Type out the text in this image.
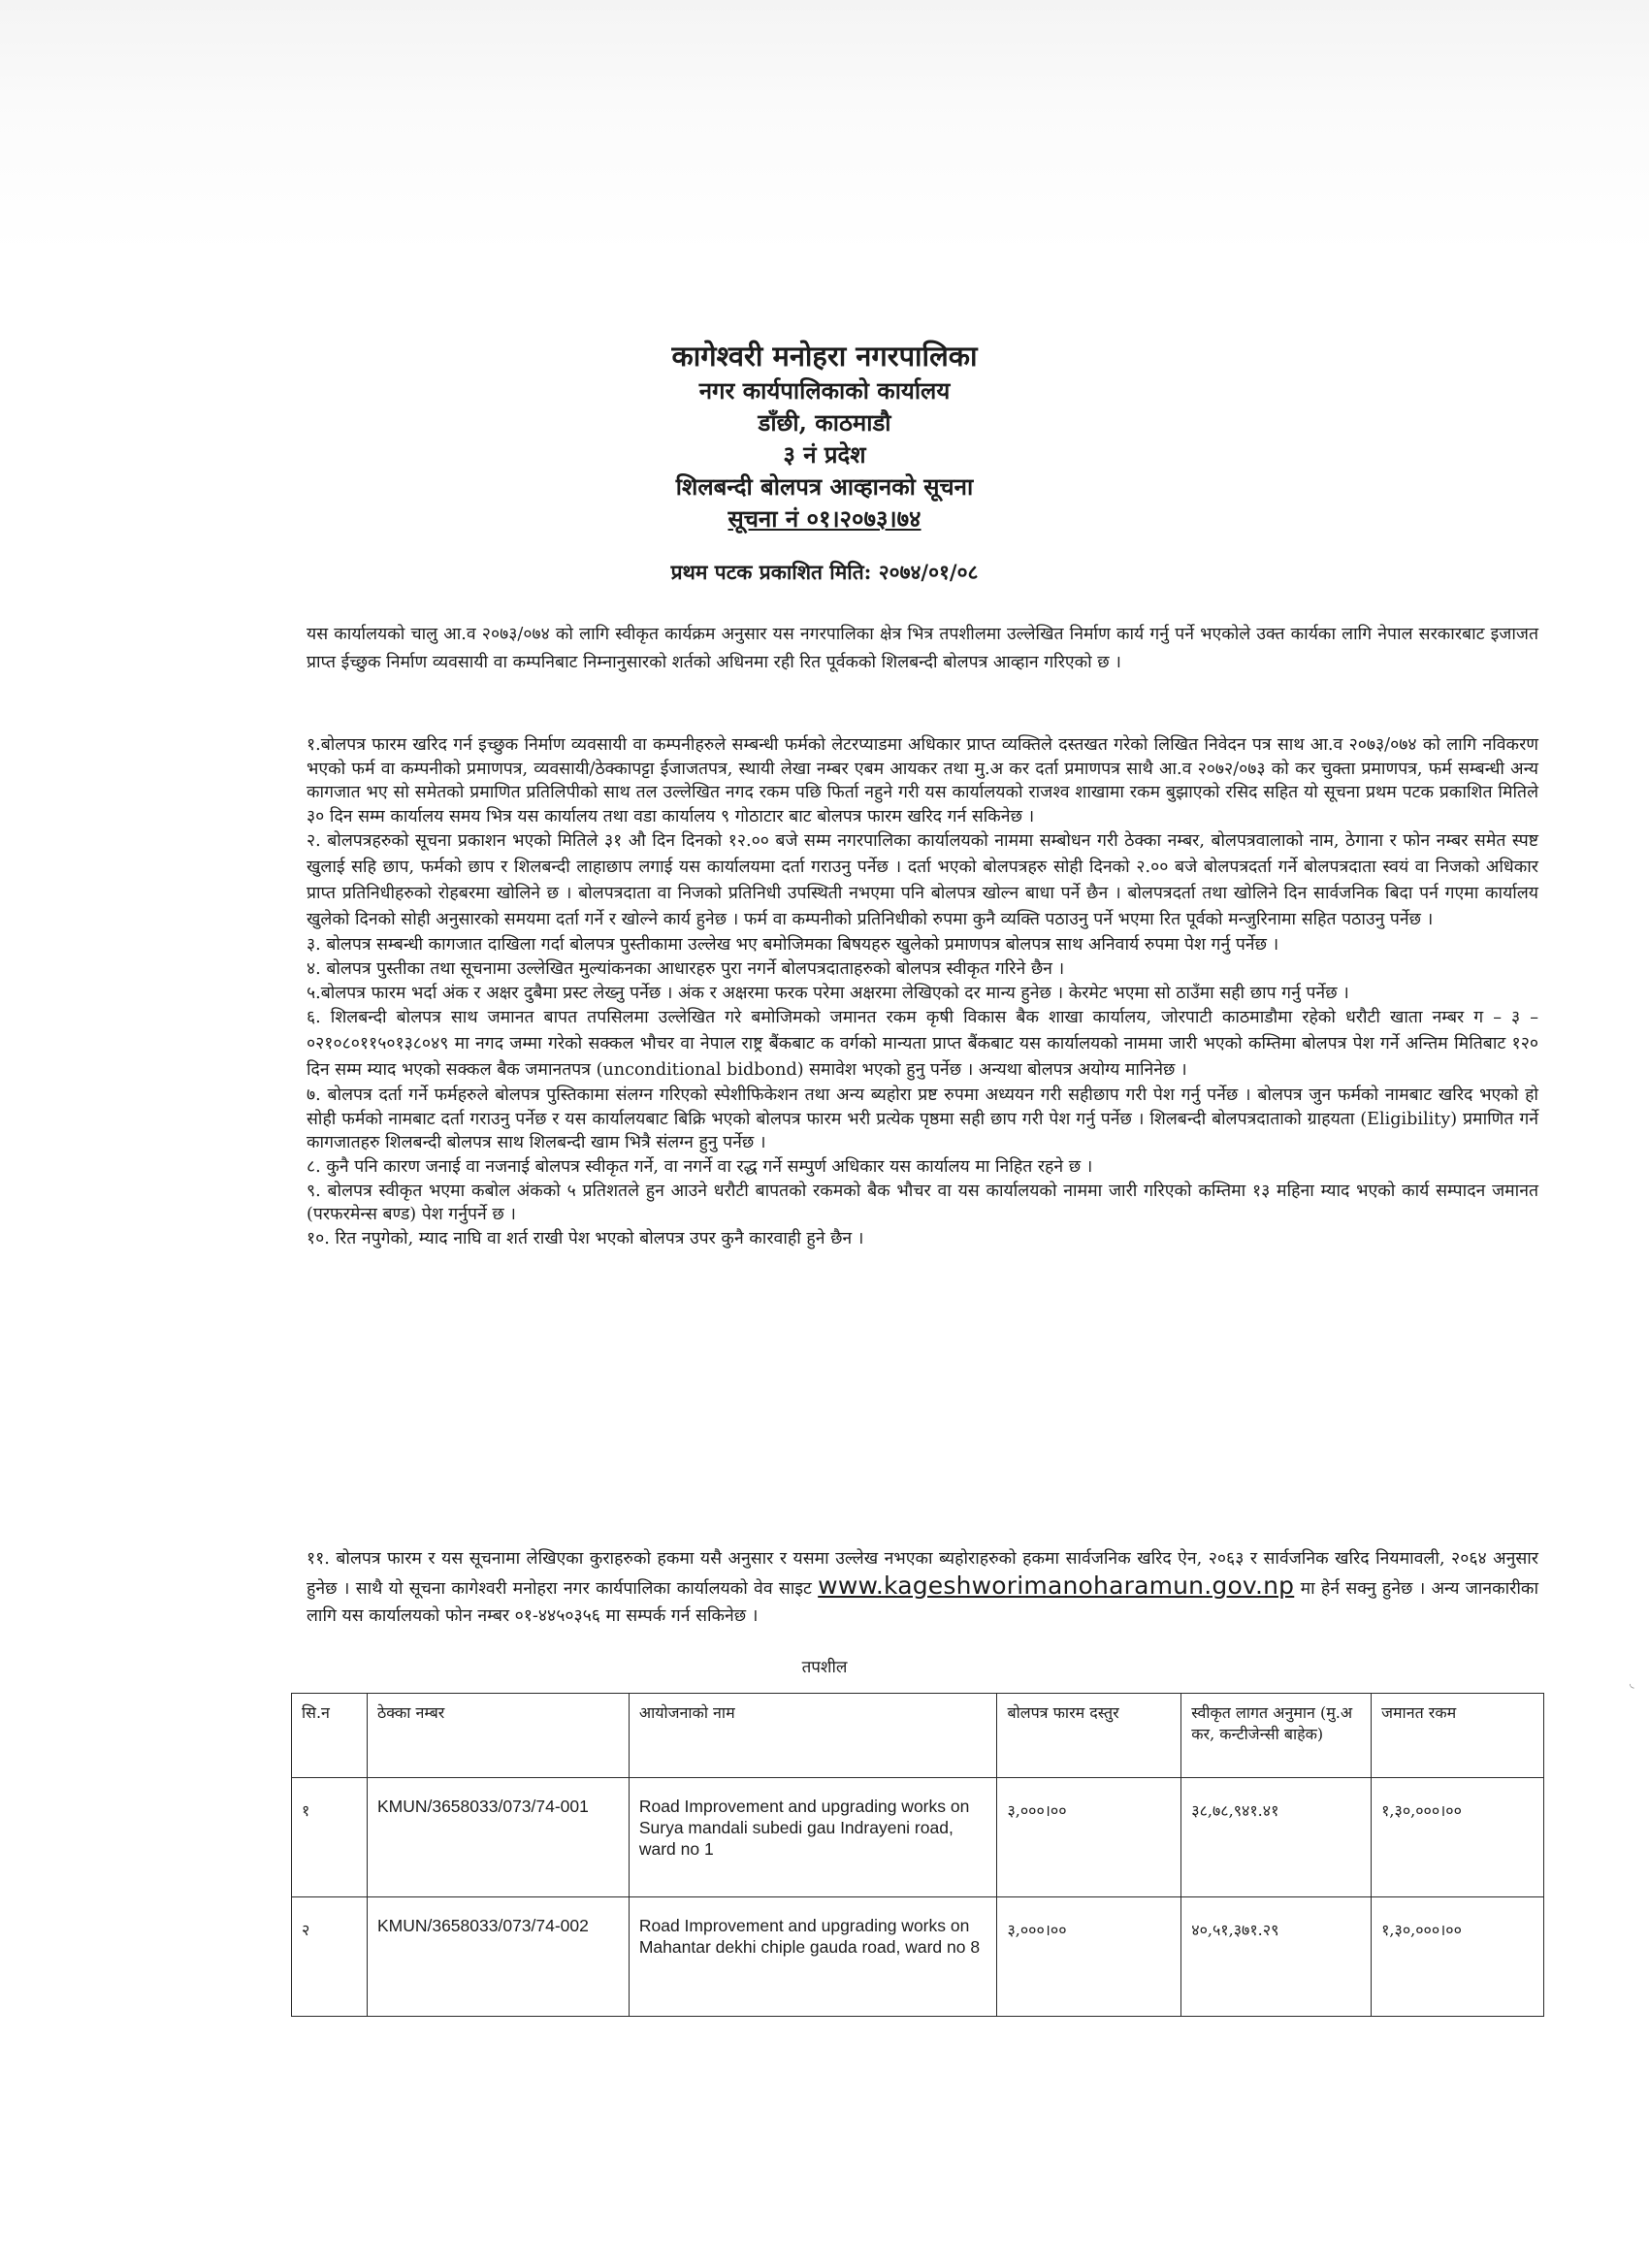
कागेश्वरी मनोहरा नगरपालिका
नगर कार्यपालिकाको कार्यालय
डाँछी, काठमाडौ
३ नं प्रदेश
शिलबन्दी बोलपत्र आव्हानको सूचना
सूचना नं ०१।२०७३।७४
प्रथम पटक प्रकाशित मिति: २०७४/०१/०८

यस कार्यालयको चालु आ.व २०७३/०७४ को लागि स्वीकृत कार्यक्रम अनुसार यस नगरपालिका क्षेत्र भित्र तपशीलमा उल्लेखित निर्माण कार्य गर्नु पर्ने भएकोले उक्त कार्यका लागि नेपाल सरकारबाट इजाजत प्राप्त ईच्छुक निर्माण व्यवसायी वा कम्पनिबाट निम्नानुसारको शर्तको अधिनमा रही रित पूर्वकको शिलबन्दी बोलपत्र आव्हान गरिएको छ ।

१.बोलपत्र फारम खरिद गर्न इच्छुक निर्माण व्यवसायी वा कम्पनीहरुले सम्बन्धी फर्मको लेटरप्याडमा अधिकार प्राप्त व्यक्तिले दस्तखत गरेको लिखित निवेदन पत्र साथ आ.व २०७३/०७४ को लागि नविकरण भएको फर्म वा कम्पनीको प्रमाणपत्र, व्यवसायी/ठेक्कापट्टा ईजाजतपत्र, स्थायी लेखा नम्बर एबम आयकर तथा मु.अ कर दर्ता प्रमाणपत्र साथै आ.व २०७२/०७३ को कर चुक्ता प्रमाणपत्र, फर्म सम्बन्धी अन्य कागजात भए सो समेतको प्रमाणित प्रतिलिपीको साथ तल उल्लेखित नगद रकम पछि फिर्ता नहुने गरी यस कार्यालयको राजश्व शाखामा रकम बुझाएको रसिद सहित यो सूचना प्रथम पटक प्रकाशित मितिले ३० दिन सम्म कार्यालय समय भित्र यस कार्यालय तथा वडा कार्यालय ९ गोठाटार बाट बोलपत्र फारम खरिद गर्न सकिनेछ ।

२. बोलपत्रहरुको सूचना प्रकाशन भएको मितिले ३१ औ दिन दिनको १२.०० बजे सम्म नगरपालिका कार्यालयको नाममा सम्बोधन गरी ठेक्का नम्बर, बोलपत्रवालाको नाम, ठेगाना र फोन नम्बर समेत स्पष्ट खुलाई सहि छाप, फर्मको छाप र शिलबन्दी लाहाछाप लगाई यस कार्यालयमा दर्ता गराउनु पर्नेछ । दर्ता भएको बोलपत्रहरु सोही दिनको २.०० बजे बोलपत्रदर्ता गर्ने बोलपत्रदाता स्वयं वा निजको अधिकार प्राप्त प्रतिनिधीहरुको रोहबरमा खोलिने छ । बोलपत्रदाता वा निजको प्रतिनिधी उपस्थिती नभएमा पनि बोलपत्र खोल्न बाधा पर्ने छैन । बोलपत्रदर्ता तथा खोलिने दिन सार्वजनिक बिदा पर्न गएमा कार्यालय खुलेको दिनको सोही अनुसारको समयमा दर्ता गर्ने र खोल्ने कार्य हुनेछ । फर्म वा कम्पनीको प्रतिनिधीको रुपमा कुनै व्यक्ति पठाउनु पर्ने भएमा रित पूर्वको मन्जुरिनामा सहित पठाउनु पर्नेछ ।

३. बोलपत्र सम्बन्धी कागजात दाखिला गर्दा बोलपत्र पुस्तीकामा उल्लेख भए बमोजिमका बिषयहरु खुलेको प्रमाणपत्र बोलपत्र साथ अनिवार्य रुपमा पेश गर्नु पर्नेछ ।

४. बोलपत्र पुस्तीका तथा सूचनामा उल्लेखित मुल्यांकनका आधारहरु पुरा नगर्ने बोलपत्रदाताहरुको बोलपत्र स्वीकृत गरिने छैन ।

५.बोलपत्र फारम भर्दा अंक र अक्षर दुबैमा प्रस्ट लेख्नु पर्नेछ । अंक र अक्षरमा फरक परेमा अक्षरमा लेखिएको दर मान्य हुनेछ । केरमेट भएमा सो ठाउँमा सही छाप गर्नु पर्नेछ ।

६. शिलबन्दी बोलपत्र साथ जमानत बापत तपसिलमा उल्लेखित गरे बमोजिमको जमानत रकम कृषी विकास बैक शाखा कार्यालय, जोरपाटी काठमाडौमा रहेको धरौटी खाता नम्बर ग – ३ – ०२१०८०११५०१३८०४९ मा नगद जम्मा गरेको सक्कल भौचर वा नेपाल राष्ट्र बैंकबाट क वर्गको मान्यता प्राप्त बैंकबाट यस कार्यालयको नाममा जारी भएको कम्तिमा बोलपत्र पेश गर्ने अन्तिम मितिबाट १२० दिन सम्म म्याद भएको सक्कल बैक जमानतपत्र (unconditional bidbond) समावेश भएको हुनु पर्नेछ । अन्यथा बोलपत्र अयोग्य मानिनेछ ।

७. बोलपत्र दर्ता गर्ने फर्महरुले बोलपत्र पुस्तिकामा संलग्न गरिएको स्पेशीफिकेशन तथा अन्य ब्यहोरा प्रष्ट रुपमा अध्ययन गरी सहीछाप गरी पेश गर्नु पर्नेछ । बोलपत्र जुन फर्मको नामबाट खरिद भएको हो सोही फर्मको नामबाट दर्ता गराउनु पर्नेछ र यस कार्यालयबाट बिक्रि भएको बोलपत्र फारम भरी प्रत्येक पृष्ठमा सही छाप गरी पेश गर्नु पर्नेछ । शिलबन्दी बोलपत्रदाताको ग्राहयता (Eligibility) प्रमाणित गर्ने कागजातहरु शिलबन्दी बोलपत्र साथ शिलबन्दी खाम भित्रै संलग्न हुनु पर्नेछ ।

८. कुनै पनि कारण जनाई वा नजनाई बोलपत्र स्वीकृत गर्ने, वा नगर्ने वा रद्ध गर्ने सम्पुर्ण अधिकार यस कार्यालय मा निहित रहने छ ।

९. बोलपत्र स्वीकृत भएमा कबोल अंकको ५ प्रतिशतले हुन आउने धरौटी बापतको रकमको बैक भौचर वा यस कार्यालयको नाममा जारी गरिएको कम्तिमा १३ महिना म्याद भएको कार्य सम्पादन जमानत (परफरमेन्स बण्ड) पेश गर्नुपर्ने छ ।

१०. रित नपुगेको, म्याद नाघि वा शर्त राखी पेश भएको बोलपत्र उपर कुनै कारवाही हुने छैन ।

११. बोलपत्र फारम र यस सूचनामा लेखिएका कुराहरुको हकमा यसै अनुसार र यसमा उल्लेख नभएका ब्यहोराहरुको हकमा सार्वजनिक खरिद ऐन, २०६३ र सार्वजनिक खरिद नियमावली, २०६४ अनुसार हुनेछ । साथै यो सूचना कागेश्वरी मनोहरा नगर कार्यपालिका कार्यालयको वेव साइट www.kageshworimanoharamun.gov.np मा हेर्न सक्नु हुनेछ । अन्य जानकारीका लागि यस कार्यालयको फोन नम्बर ०१-४४५०३५६ मा सम्पर्क गर्न सकिनेछ ।

तपशील
सि.न	ठेक्का नम्बर	आयोजनाको नाम	बोलपत्र फारम दस्तुर	स्वीकृत लागत अनुमान (मु.अ कर, कन्टीजेन्सी बाहेक)	जमानत रकम
१	KMUN/3658033/073/74-001	Road Improvement and upgrading works on Surya mandali subedi gau Indrayeni road, ward no 1	३,०००।००	३८,७८,९४१.४१	१,३०,०००।००
२	KMUN/3658033/073/74-002	Road Improvement and upgrading works on Mahantar dekhi chiple gauda road, ward no 8	३,०००।००	४०,५१,३७१.२९	१,३०,०००।००
◟
